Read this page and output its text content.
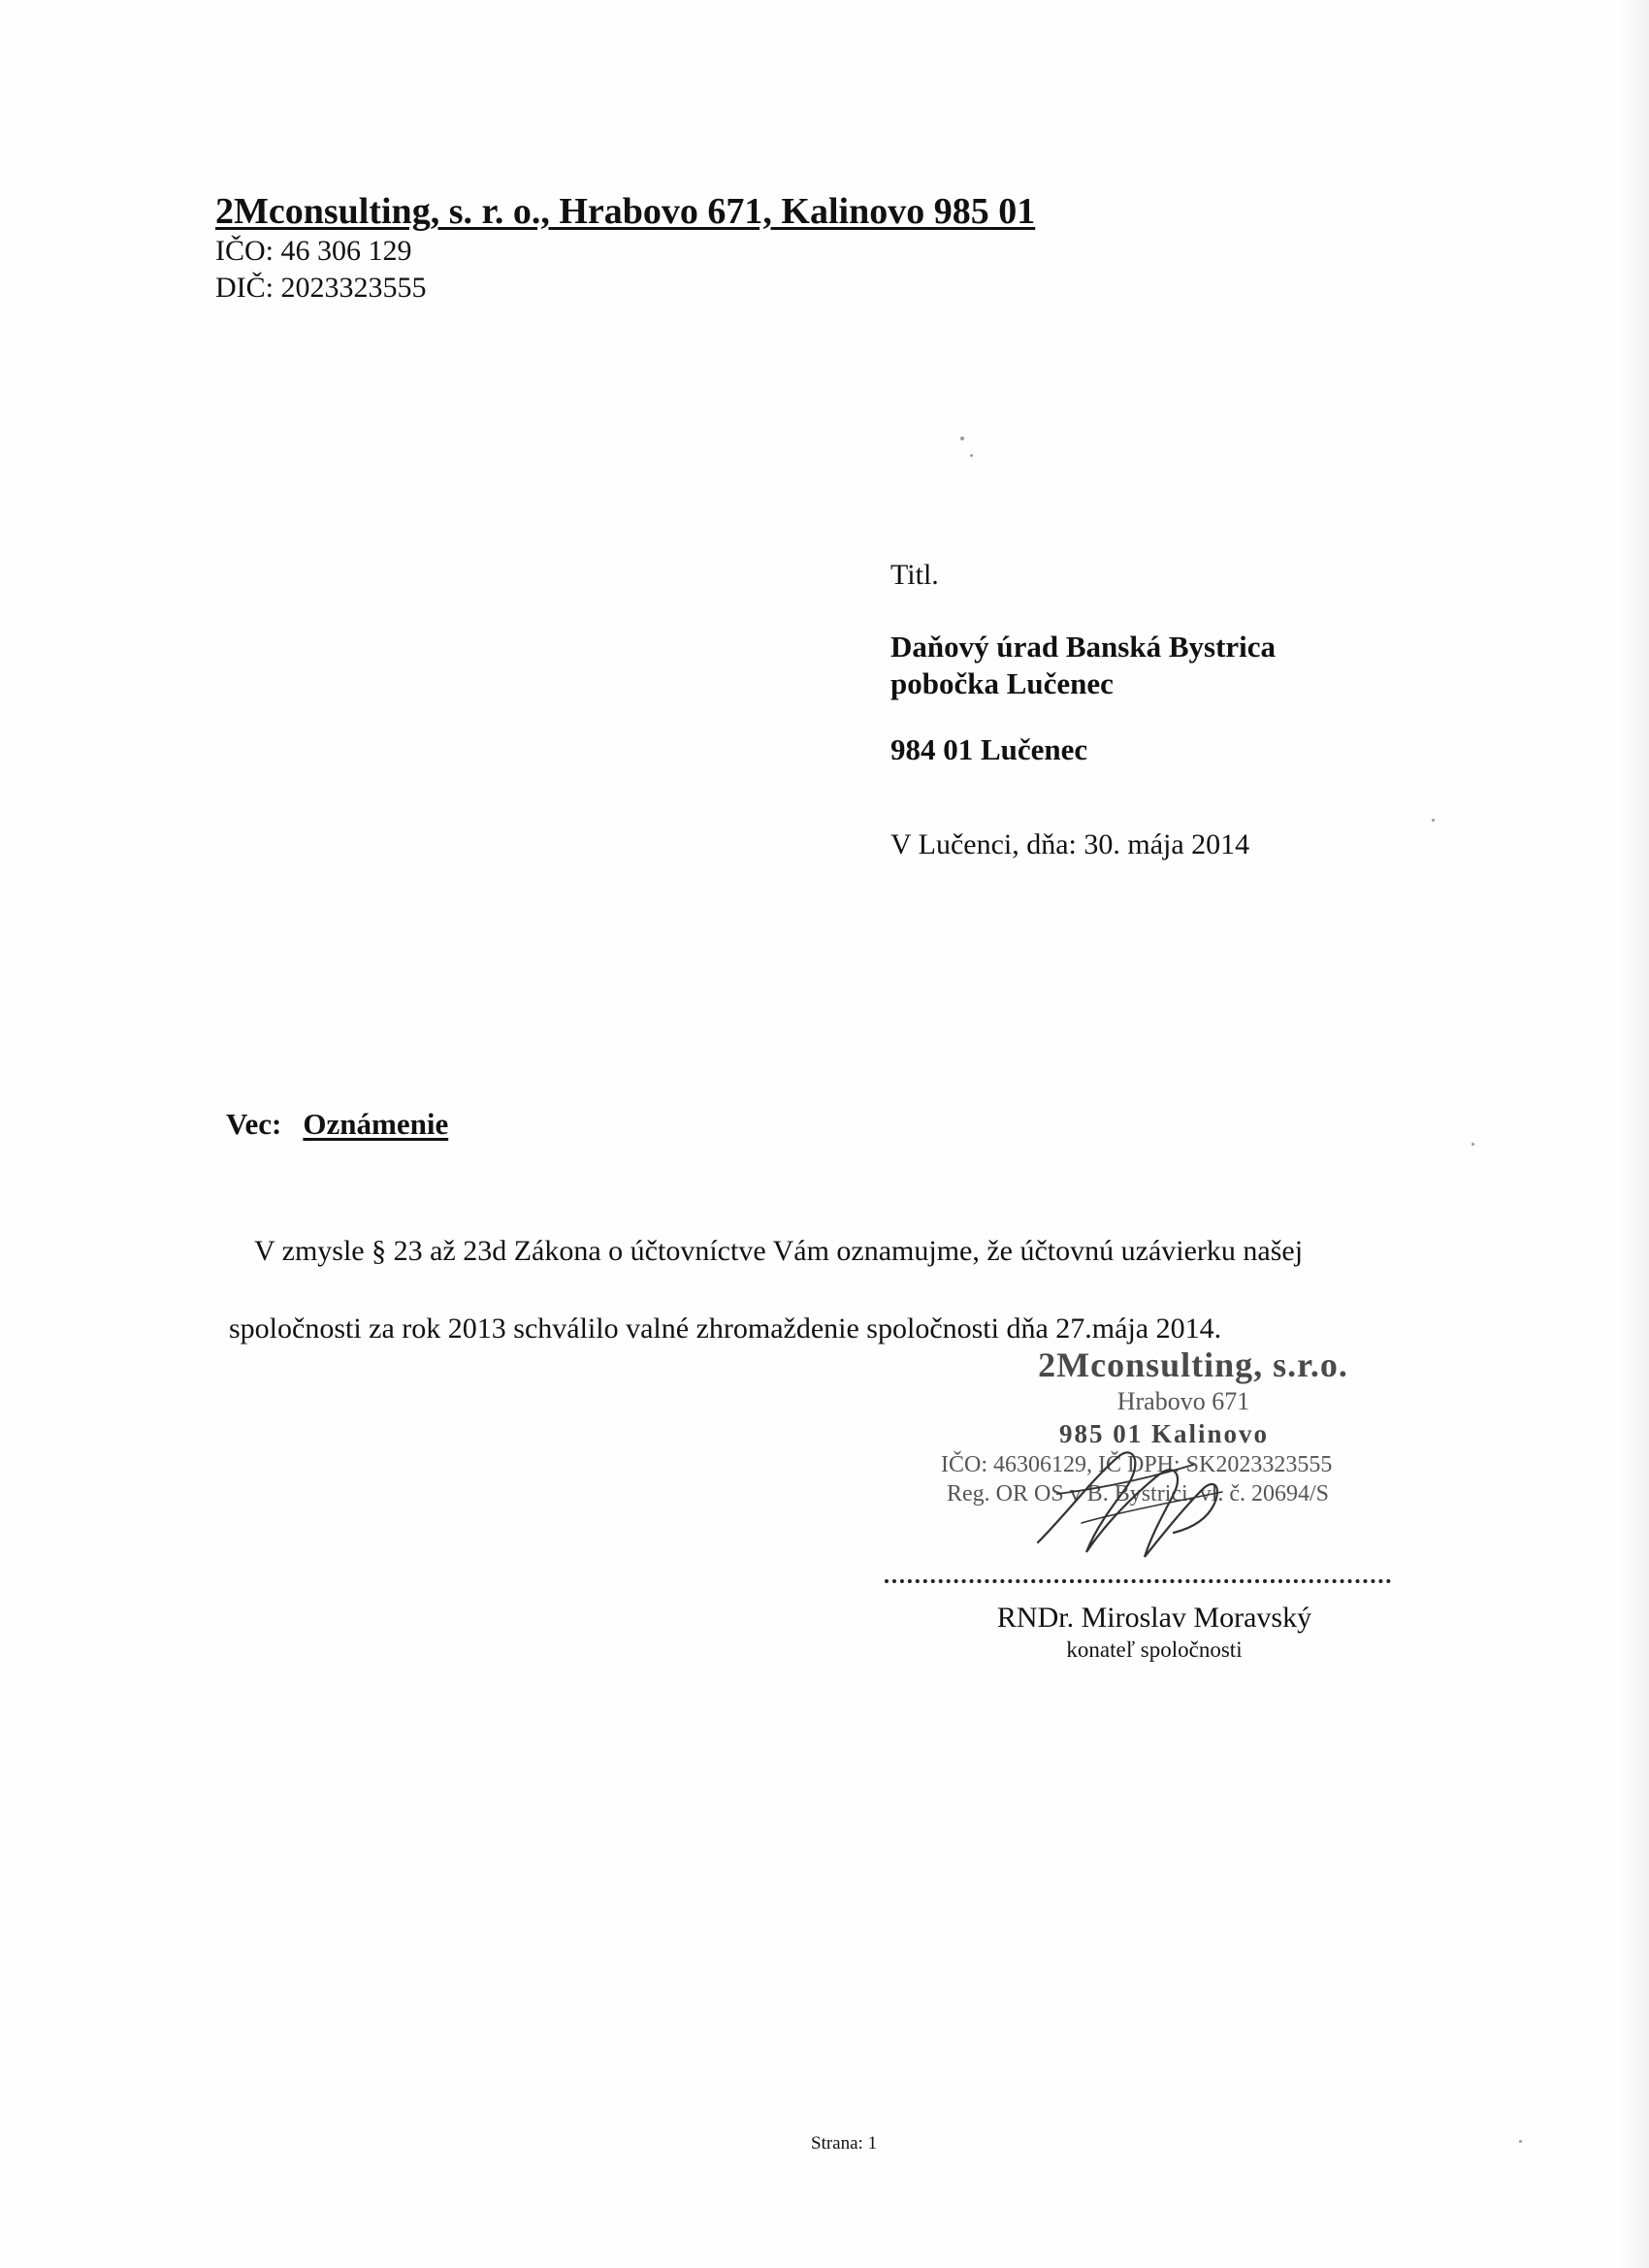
2Mconsulting, s. r. o., Hrabovo 671, Kalinovo 985 01
IČO: 46 306 129
DIČ: 2023323555
Titl.
Daňový úrad Banská Bystrica
pobočka Lučenec
984 01 Lučenec
V Lučenci, dňa: 30. mája 2014
Vec: Oznámenie
V zmysle § 23 až 23d Zákona o účtovníctve Vám oznamujme, že účtovnú uzávierku našej spoločnosti za rok 2013 schválilo valné zhromaždenie spoločnosti dňa 27.mája 2014.
2Mconsulting, s.r.o.
Hrabovo 671
985 01 Kalinovo
IČO: 46306129, IČ DPH: SK2023323555
Reg. OR OS v B. Bystrici, vl. č. 20694/S
RNDr. Miroslav Moravský
konateľ spoločnosti
Strana: 1
